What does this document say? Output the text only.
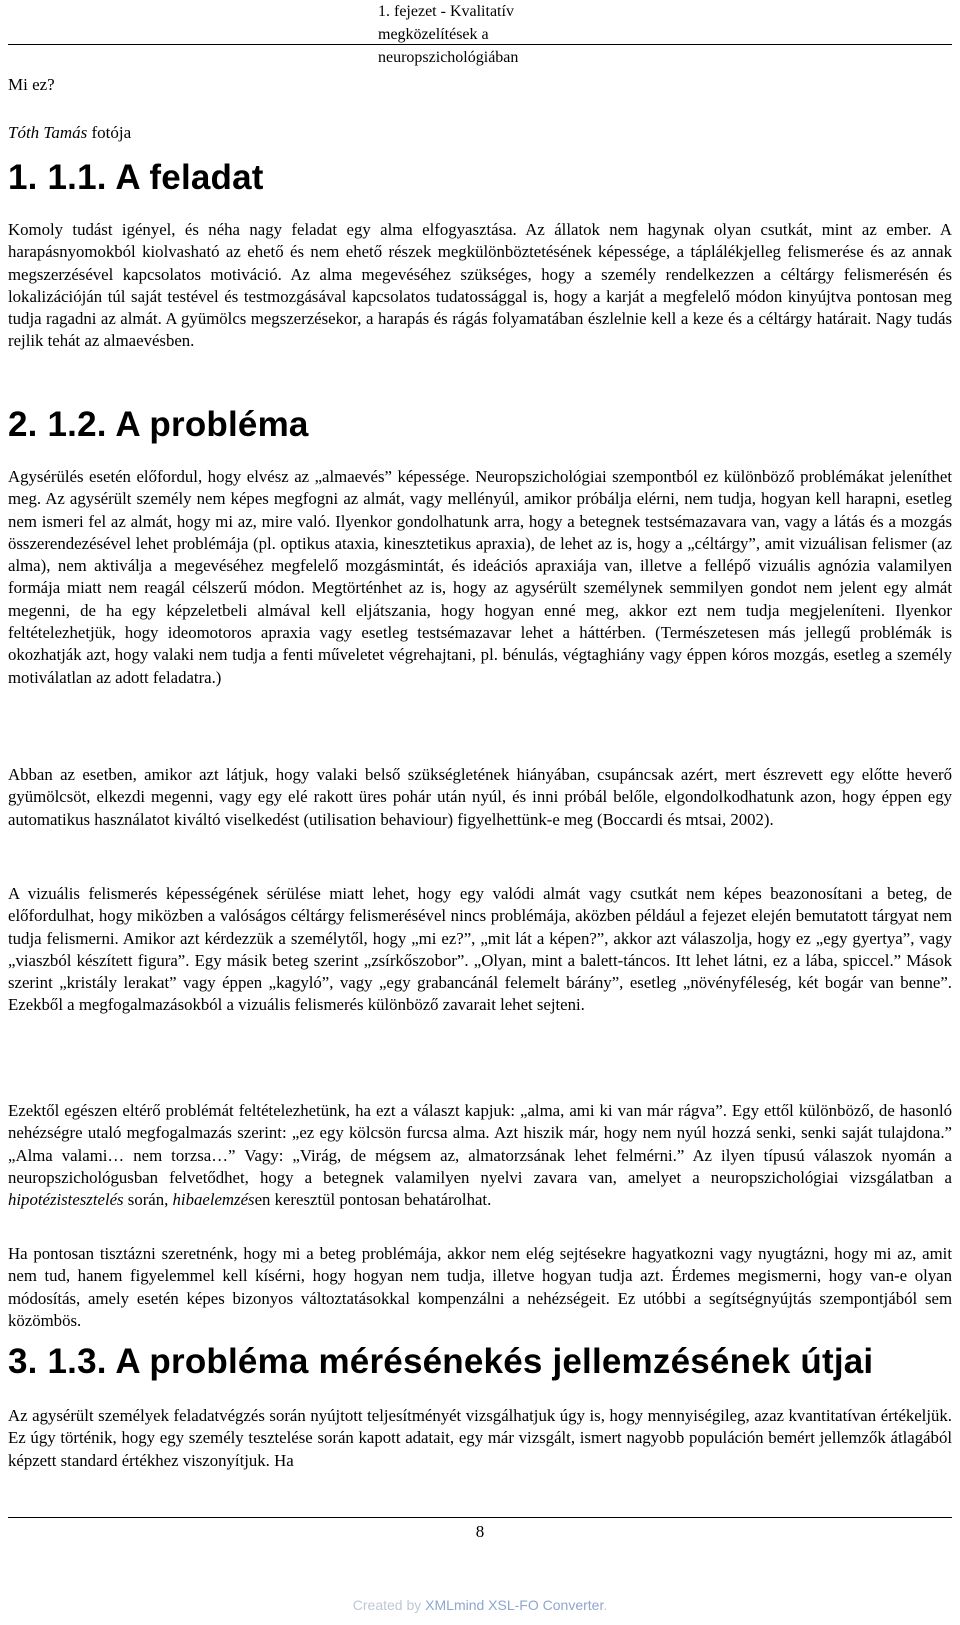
1. fejezet - Kvalitatív megközelítések a neuropszichológiában
Mi ez?
Tóth Tamás fotója
1. 1.1. A feladat

Komoly tudást igényel, és néha nagy feladat egy alma elfogyasztása. Az állatok nem hagynak olyan csutkát, mint az ember. A harapásnyomokból kiolvasható az ehető és nem ehető részek megkülönböztetésének képessége, a táplálékjelleg felismerése és az annak megszerzésével kapcsolatos motiváció. Az alma megevéséhez szükséges, hogy a személy rendelkezzen a céltárgy felismerésén és lokalizációján túl saját testével és testmozgásával kapcsolatos tudatossággal is, hogy a karját a megfelelő módon kinyújtva pontosan meg tudja ragadni az almát. A gyümölcs megszerzésekor, a harapás és rágás folyamatában észlelnie kell a keze és a céltárgy határait. Nagy tudás rejlik tehát az almaevésben.

2. 1.2. A probléma

Agysérülés esetén előfordul, hogy elvész az „almaevés” képessége. Neuropszichológiai szempontból ez különböző problémákat jeleníthet meg. Az agysérült személy nem képes megfogni az almát, vagy mellényúl, amikor próbálja elérni, nem tudja, hogyan kell harapni, esetleg nem ismeri fel az almát, hogy mi az, mire való. Ilyenkor gondolhatunk arra, hogy a betegnek testsémazavara van, vagy a látás és a mozgás összerendezésével lehet problémája (pl. optikus ataxia, kinesztetikus apraxia), de lehet az is, hogy a „céltárgy”, amit vizuálisan felismer (az alma), nem aktiválja a megevéséhez megfelelő mozgásmintát, és ideációs apraxiája van, illetve a fellépő vizuális agnózia valamilyen formája miatt nem reagál célszerű módon. Megtörténhet az is, hogy az agysérült személynek semmilyen gondot nem jelent egy almát megenni, de ha egy képzeletbeli almával kell eljátszania, hogy hogyan enné meg, akkor ezt nem tudja megjeleníteni. Ilyenkor feltételezhetjük, hogy ideomotoros apraxia vagy esetleg testsémazavar lehet a háttérben. (Természetesen más jellegű problémák is okozhatják azt, hogy valaki nem tudja a fenti műveletet végrehajtani, pl. bénulás, végtaghiány vagy éppen kóros mozgás, esetleg a személy motiválatlan az adott feladatra.)

Abban az esetben, amikor azt látjuk, hogy valaki belső szükségletének hiányában, csupáncsak azért, mert észrevett egy előtte heverő gyümölcsöt, elkezdi megenni, vagy egy elé rakott üres pohár után nyúl, és inni próbál belőle, elgondolkodhatunk azon, hogy éppen egy automatikus használatot kiváltó viselkedést (utilisation behaviour) figyelhettünk-e meg (Boccardi és mtsai, 2002).

A vizuális felismerés képességének sérülése miatt lehet, hogy egy valódi almát vagy csutkát nem képes beazonosítani a beteg, de előfordulhat, hogy miközben a valóságos céltárgy felismerésével nincs problémája, aközben például a fejezet elején bemutatott tárgyat nem tudja felismerni. Amikor azt kérdezzük a személytől, hogy „mi ez?”, „mit lát a képen?”, akkor azt válaszolja, hogy ez „egy gyertya”, vagy „viaszból készített figura”. Egy másik beteg szerint „zsírkőszobor”. „Olyan, mint a balett-táncos. Itt lehet látni, ez a lába, spiccel.” Mások szerint „kristály lerakat” vagy éppen „kagyló”, vagy „egy grabancánál felemelt bárány”, esetleg „növényféleség, két bogár van benne”. Ezekből a megfogalmazásokból a vizuális felismerés különböző zavarait lehet sejteni.

Ezektől egészen eltérő problémát feltételezhetünk, ha ezt a választ kapjuk: „alma, ami ki van már rágva”. Egy ettől különböző, de hasonló nehézségre utaló megfogalmazás szerint: „ez egy kölcsön furcsa alma. Azt hiszik már, hogy nem nyúl hozzá senki, senki saját tulajdona.” „Alma valami… nem torzsa…” Vagy: „Virág, de mégsem az, almatorzsának lehet felmérni.” Az ilyen típusú válaszok nyomán a neuropszichológusban felvetődhet, hogy a betegnek valamilyen nyelvi zavara van, amelyet a neuropszichológiai vizsgálatban a hipotézistesztelés során, hibaelemzésen keresztül pontosan behatárolhat.

Ha pontosan tisztázni szeretnénk, hogy mi a beteg problémája, akkor nem elég sejtésekre hagyatkozni vagy nyugtázni, hogy mi az, amit nem tud, hanem figyelemmel kell kísérni, hogy hogyan nem tudja, illetve hogyan tudja azt. Érdemes megismerni, hogy van-e olyan módosítás, amely esetén képes bizonyos változtatásokkal kompenzálni a nehézségeit. Ez utóbbi a segítségnyújtás szempontjából sem közömbös.

3. 1.3. A probléma mérésénekés jellemzésének útjai

Az agysérült személyek feladatvégzés során nyújtott teljesítményét vizsgálhatjuk úgy is, hogy mennyiségileg, azaz kvantitatívan értékeljük. Ez úgy történik, hogy egy személy tesztelése során kapott adatait, egy már vizsgált, ismert nagyobb populáción bemért jellemzők átlagából képzett standard értékhez viszonyítjuk. Ha

8
Created by XMLmind XSL-FO Converter.
